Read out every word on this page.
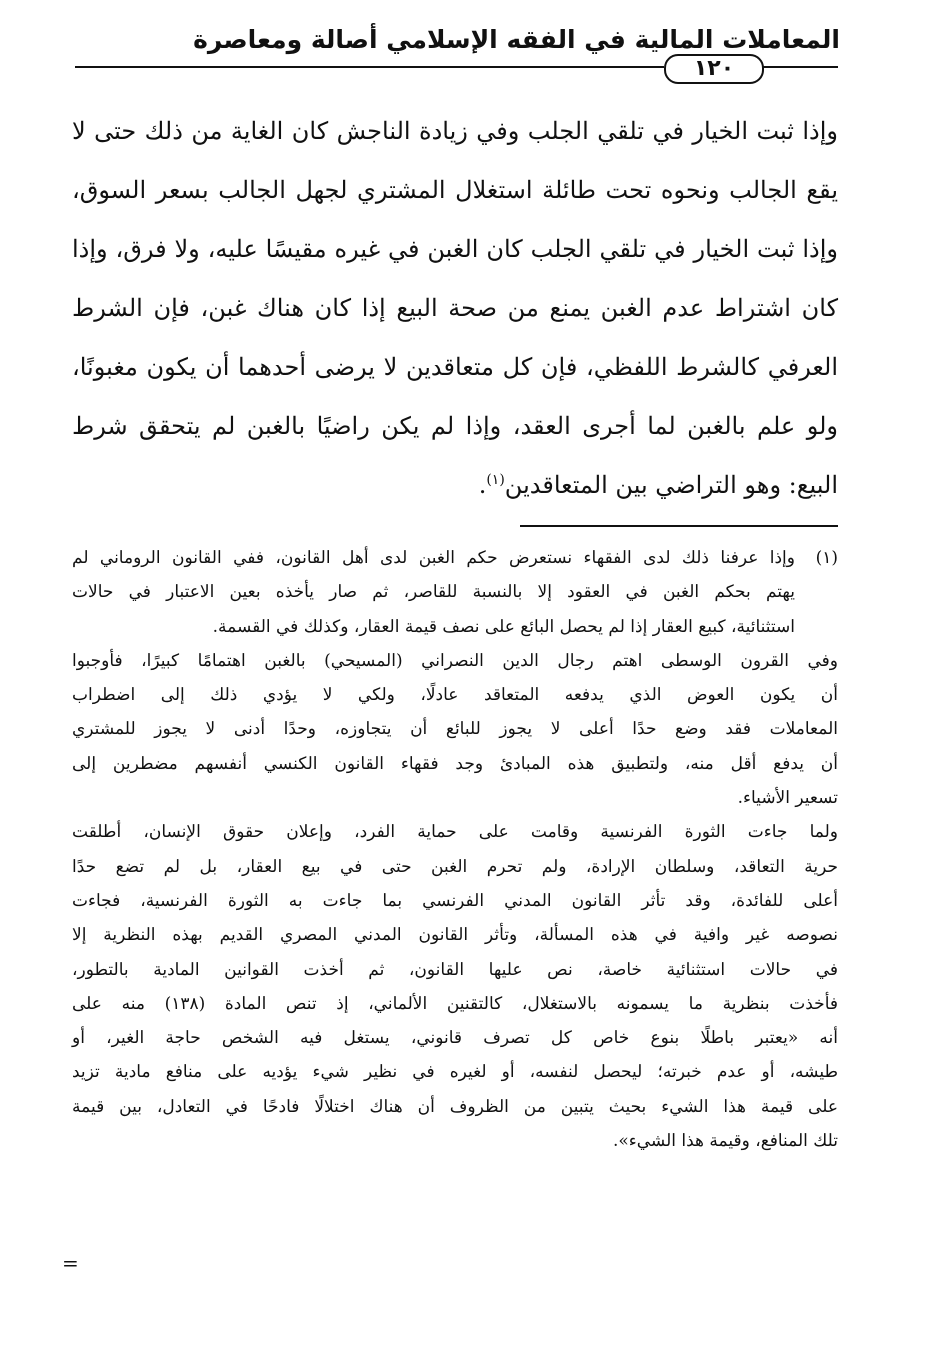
المعاملات المالية في الفقه الإسلامي أصالة ومعاصرة
١٢٠
وإذا ثبت الخيار في تلقي الجلب وفي زيادة الناجش كان الغاية من ذلك حتى لا
يقع الجالب ونحوه تحت طائلة استغلال المشتري لجهل الجالب بسعر السوق،
وإذا ثبت الخيار في تلقي الجلب كان الغبن في غيره مقيسًا عليه، ولا فرق، وإذا
كان اشتراط عدم الغبن يمنع من صحة البيع إذا كان هناك غبن، فإن الشرط
العرفي كالشرط اللفظي، فإن كل متعاقدين لا يرضى أحدهما أن يكون مغبونًا،
ولو علم بالغبن لما أجرى العقد، وإذا لم يكن راضيًا بالغبن لم يتحقق شرط
البيع: وهو التراضي بين المتعاقدين$^{(١)}$.
(١)وإذا عرفنا ذلك لدى الفقهاء نستعرض حكم الغبن لدى أهل القانون، ففي القانون الروماني لم
يهتم بحكم الغبن في العقود إلا بالنسبة للقاصر، ثم صار يأخذه بعين الاعتبار في حالات
استثنائية، كبيع العقار إذا لم يحصل البائع على نصف قيمة العقار، وكذلك في القسمة.
وفي القرون الوسطى اهتم رجال الدين النصراني (المسيحي) بالغبن اهتمامًا كبيرًا، فأوجبوا
أن يكون العوض الذي يدفعه المتعاقد عادلًا، ولكي لا يؤدي ذلك إلى اضطراب
المعاملات فقد وضع حدًا أعلى لا يجوز للبائع أن يتجاوزه، وحدًا أدنى لا يجوز للمشتري
أن يدفع أقل منه، ولتطبيق هذه المبادئ وجد فقهاء القانون الكنسي أنفسهم مضطرين إلى
تسعير الأشياء.
ولما جاءت الثورة الفرنسية وقامت على حماية الفرد، وإعلان حقوق الإنسان، أطلقت
حرية التعاقد، وسلطان الإرادة، ولم تحرم الغبن حتى في بيع العقار، بل لم تضع حدًا
أعلى للفائدة، وقد تأثر القانون المدني الفرنسي بما جاءت به الثورة الفرنسية، فجاءت
نصوصه غير وافية في هذه المسألة، وتأثر القانون المدني المصري القديم بهذه النظرية إلا
في حالات استثنائية خاصة، نص عليها القانون، ثم أخذت القوانين المادية بالتطور،
فأخذت بنظرية ما يسمونه بالاستغلال، كالتقنين الألماني، إذ تنص المادة (١٣٨) منه على
أنه «يعتبر باطلًا بنوع خاص كل تصرف قانوني، يستغل فيه الشخص حاجة الغير، أو
طيشه، أو عدم خبرته؛ ليحصل لنفسه، أو لغيره في نظير شيء يؤديه على منافع مادية تزيد
على قيمة هذا الشيء بحيث يتبين من الظروف أن هناك اختلالًا فادحًا في التعادل، بين قيمة
تلك المنافع، وقيمة هذا الشيء».
=
